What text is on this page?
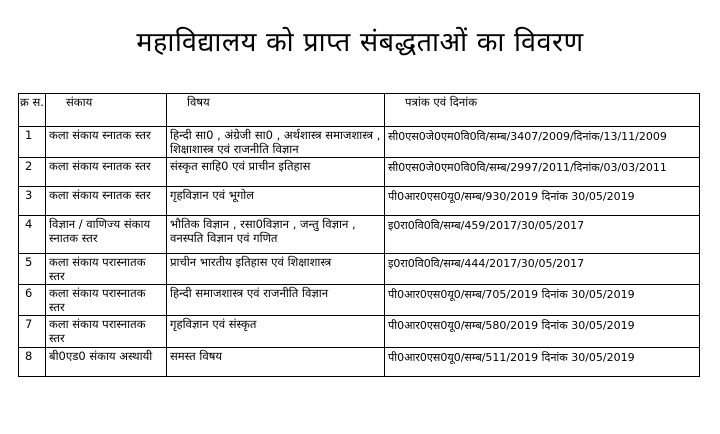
महाविद्यालय को प्राप्त संबद्धताओं का विवरण
क्र स.	संकाय	विषय	पत्रांक एवं दिनांक
1	कला संकाय स्नातक स्तर	हिन्दी सा0 , अंग्रेजी सा0 , अर्थशास्त्र समाजशास्त्र , शिक्षाशास्त्र एवं राजनीति विज्ञान	सी0एस0जे0एम0वि0वि/सम्ब/3407/2009/दिनांक/13/11/2009
2	कला संकाय स्नातक स्तर	संस्कृत साहि0 एवं प्राचीन इतिहास	सी0एस0जे0एम0वि0वि/सम्ब/2997/2011/दिनांक/03/03/2011
3	कला संकाय स्नातक स्तर	गृहविज्ञान एवं भूगोल	पी0आर0एस0यू0/सम्ब/930/2019 दिनांक 30/05/2019
4	विज्ञान / वाणिज्य संकाय स्नातक स्तर	भौतिक विज्ञान , रसा0विज्ञान , जन्तु विज्ञान , वनस्पति विज्ञान एवं गणित	इ0रा0वि0वि/सम्ब/459/2017/30/05/2017
5	कला संकाय परास्नातक स्तर	प्राचीन भारतीय इतिहास एवं शिक्षाशास्त्र	इ0रा0वि0वि/सम्ब/444/2017/30/05/2017
6	कला संकाय परास्नातक स्तर	हिन्दी समाजशास्त्र एवं राजनीति विज्ञान	पी0आर0एस0यू0/सम्ब/705/2019 दिनांक 30/05/2019
7	कला संकाय परास्नातक स्तर	गृहविज्ञान एवं संस्कृत	पी0आर0एस0यू0/सम्ब/580/2019 दिनांक 30/05/2019
8	बी0एड0 संकाय अस्थायी	समस्त विषय	पी0आर0एस0यू0/सम्ब/511/2019 दिनांक 30/05/2019
